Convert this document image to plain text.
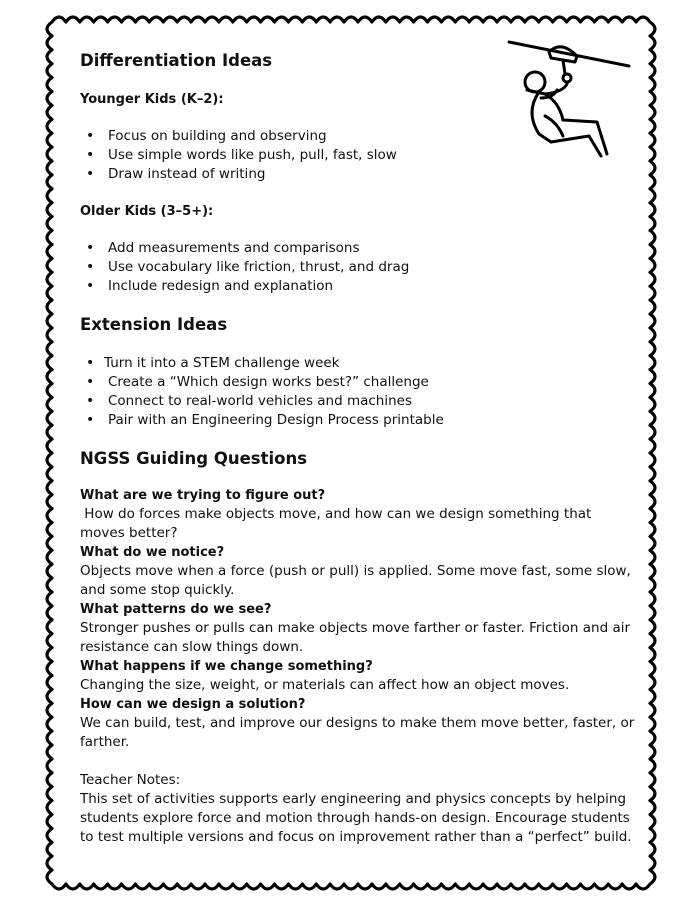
Differentiation Ideas
Younger Kids (K–2):
• Focus on building and observing
• Use simple words like push, pull, fast, slow
• Draw instead of writing
Older Kids (3–5+):
• Add measurements and comparisons
• Use vocabulary like friction, thrust, and drag
• Include redesign and explanation
Extension Ideas
• Turn it into a STEM challenge week
• Create a “Which design works best?” challenge
• Connect to real-world vehicles and machines
• Pair with an Engineering Design Process printable
NGSS Guiding Questions

What are we trying to figure out?

How do forces make objects move, and how can we design something that moves better?

What do we notice?

Objects move when a force (push or pull) is applied. Some move fast, some slow, and some stop quickly.

What patterns do we see?

Stronger pushes or pulls can make objects move farther or faster. Friction and air resistance can slow things down.

What happens if we change something?

Changing the size, weight, or materials can affect how an object moves.

How can we design a solution?

We can build, test, and improve our designs to make them move better, faster, or farther.

Teacher Notes:

This set of activities supports early engineering and physics concepts by helping students explore force and motion through hands-on design. Encourage students to test multiple versions and focus on improvement rather than a “perfect” build.
